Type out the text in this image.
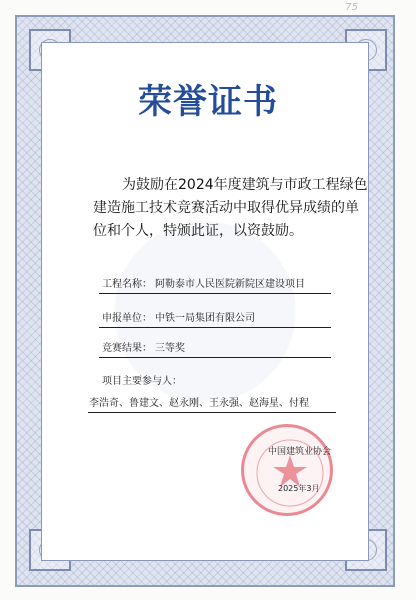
75
荣誉证书

为鼓励在2024年度建筑与市政工程绿色
建造施工技术竞赛活动中取得优异成绩的单
位和个人，特颁此证，以资鼓励。

工程名称： 阿勒泰市人民医院新院区建设项目
申报单位： 中铁一局集团有限公司
竞赛结果： 三等奖
项目主要参与人：
李浩奇、鲁建文、赵永刚、王永强、赵海星、付程
中国建筑业协会
2025年3月
